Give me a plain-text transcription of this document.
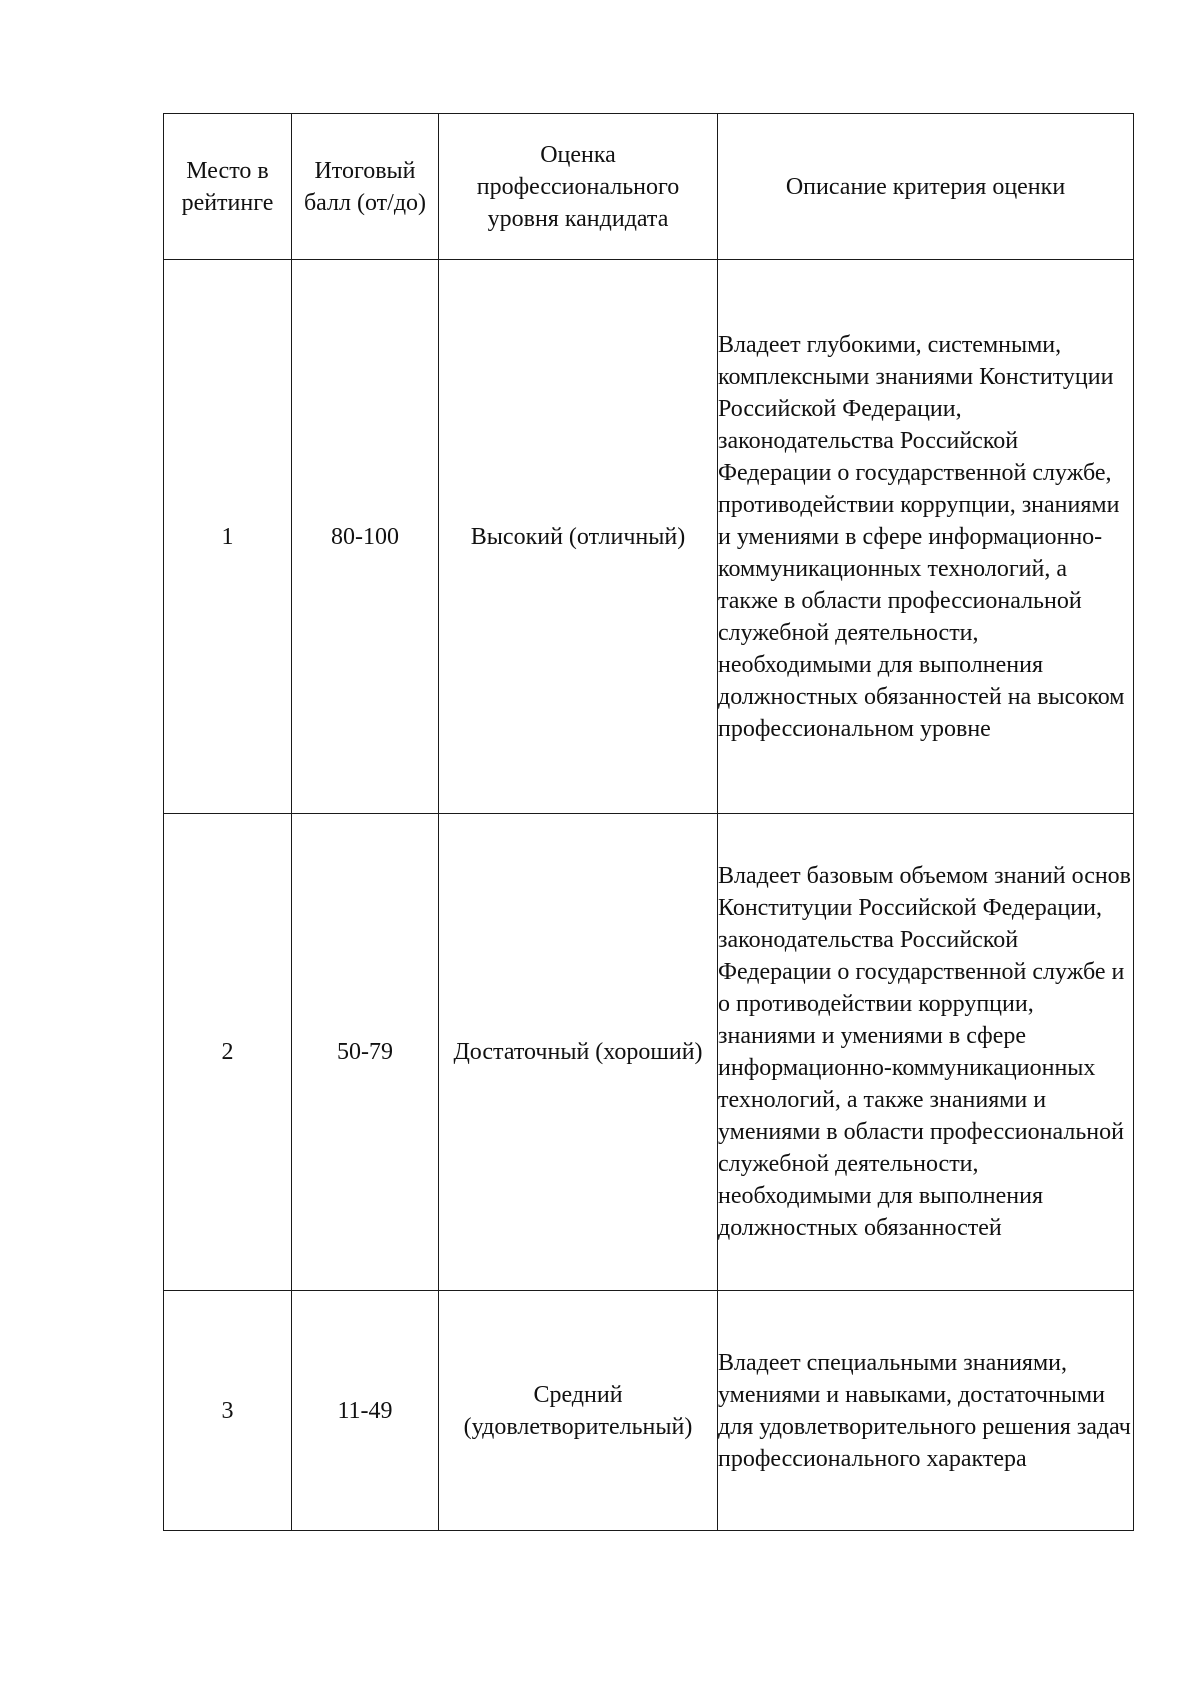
Место в рейтинге	Итоговый балл (от/до)	Оценка профессионального уровня кандидата	Описание критерия оценки

1	80-100	Высокий (отличный)	Владеет глубокими, системными, комплексными знаниями Конституции Российской Федерации, законодательства Российской Федерации о государственной службе, противодействии коррупции, знаниями и умениями в сфере информационно-коммуникационных технологий, а также в области профессиональной служебной деятельности, необходимыми для выполнения должностных обязанностей на высоком профессиональном уровне

2	50-79	Достаточный (хороший)	Владеет базовым объемом знаний основ Конституции Российской Федерации, законодательства Российской Федерации о государственной службе и о противодействии коррупции, знаниями и умениями в сфере информационно-коммуникационных технологий, а также знаниями и умениями в области профессиональной служебной деятельности, необходимыми для выполнения должностных обязанностей

3	11-49	Средний (удовлетворительный)	Владеет специальными знаниями, умениями и навыками, достаточными для удовлетворительного решения задач профессионального характера
